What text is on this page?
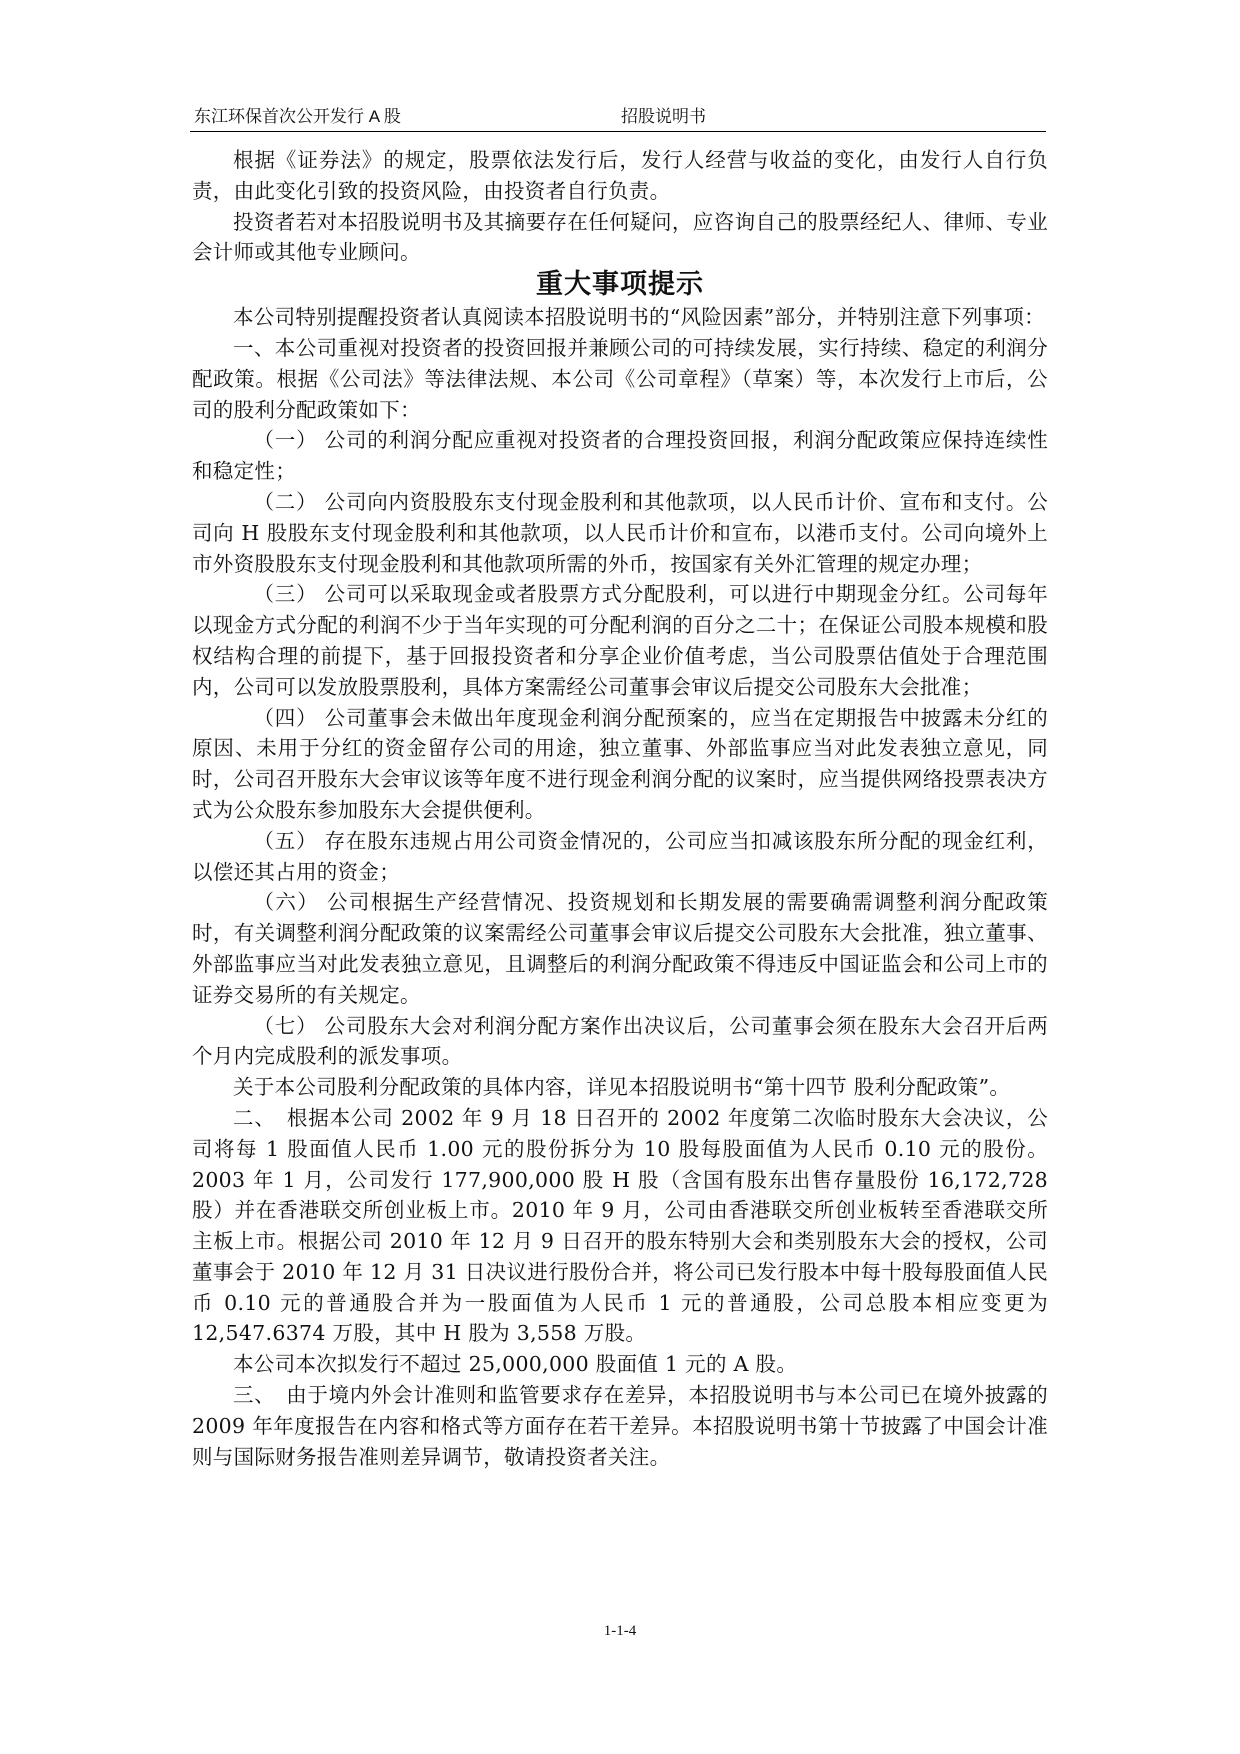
东江环保首次公开发行 A 股	招股说明书

根据《证券法》的规定，股票依法发行后，发行人经营与收益的变化，由发行人自行负责，由此变化引致的投资风险，由投资者自行负责。

投资者若对本招股说明书及其摘要存在任何疑问，应咨询自己的股票经纪人、律师、专业会计师或其他专业顾问。

重大事项提示

本公司特别提醒投资者认真阅读本招股说明书的“风险因素”部分，并特别注意下列事项：

一、本公司重视对投资者的投资回报并兼顾公司的可持续发展，实行持续、稳定的利润分配政策。根据《公司法》等法律法规、本公司《公司章程》（草案）等，本次发行上市后，公司的股利分配政策如下：

（一） 公司的利润分配应重视对投资者的合理投资回报，利润分配政策应保持连续性和稳定性；

（二） 公司向内资股股东支付现金股利和其他款项，以人民币计价、宣布和支付。公司向 H 股股东支付现金股利和其他款项，以人民币计价和宣布，以港币支付。公司向境外上市外资股股东支付现金股利和其他款项所需的外币，按国家有关外汇管理的规定办理；

（三） 公司可以采取现金或者股票方式分配股利，可以进行中期现金分红。公司每年以现金方式分配的利润不少于当年实现的可分配利润的百分之二十；在保证公司股本规模和股权结构合理的前提下，基于回报投资者和分享企业价值考虑，当公司股票估值处于合理范围内，公司可以发放股票股利，具体方案需经公司董事会审议后提交公司股东大会批准；

（四） 公司董事会未做出年度现金利润分配预案的，应当在定期报告中披露未分红的原因、未用于分红的资金留存公司的用途，独立董事、外部监事应当对此发表独立意见，同时，公司召开股东大会审议该等年度不进行现金利润分配的议案时，应当提供网络投票表决方式为公众股东参加股东大会提供便利。

（五） 存在股东违规占用公司资金情况的，公司应当扣减该股东所分配的现金红利，以偿还其占用的资金；

（六） 公司根据生产经营情况、投资规划和长期发展的需要确需调整利润分配政策时，有关调整利润分配政策的议案需经公司董事会审议后提交公司股东大会批准，独立董事、外部监事应当对此发表独立意见，且调整后的利润分配政策不得违反中国证监会和公司上市的证券交易所的有关规定。

（七） 公司股东大会对利润分配方案作出决议后，公司董事会须在股东大会召开后两个月内完成股利的派发事项。

关于本公司股利分配政策的具体内容，详见本招股说明书“第十四节 股利分配政策”。

二、　根据本公司 2002 年 9 月 18 日召开的 2002 年度第二次临时股东大会决议，公司将每 1 股面值人民币 1.00 元的股份拆分为 10 股每股面值为人民币 0.10 元的股份。2003 年 1 月，公司发行 177,900,000 股 H 股（含国有股东出售存量股份 16,172,728 股）并在香港联交所创业板上市。2010 年 9 月，公司由香港联交所创业板转至香港联交所主板上市。根据公司 2010 年 12 月 9 日召开的股东特别大会和类别股东大会的授权，公司董事会于 2010 年 12 月 31 日决议进行股份合并，将公司已发行股本中每十股每股面值人民币 0.10 元的普通股合并为一股面值为人民币 1 元的普通股，公司总股本相应变更为 12,547.6374 万股，其中 H 股为 3,558 万股。

本公司本次拟发行不超过 25,000,000 股面值 1 元的 A 股。

三、　由于境内外会计准则和监管要求存在差异，本招股说明书与本公司已在境外披露的 2009 年年度报告在内容和格式等方面存在若干差异。本招股说明书第十节披露了中国会计准则与国际财务报告准则差异调节，敬请投资者关注。

1-1-4
